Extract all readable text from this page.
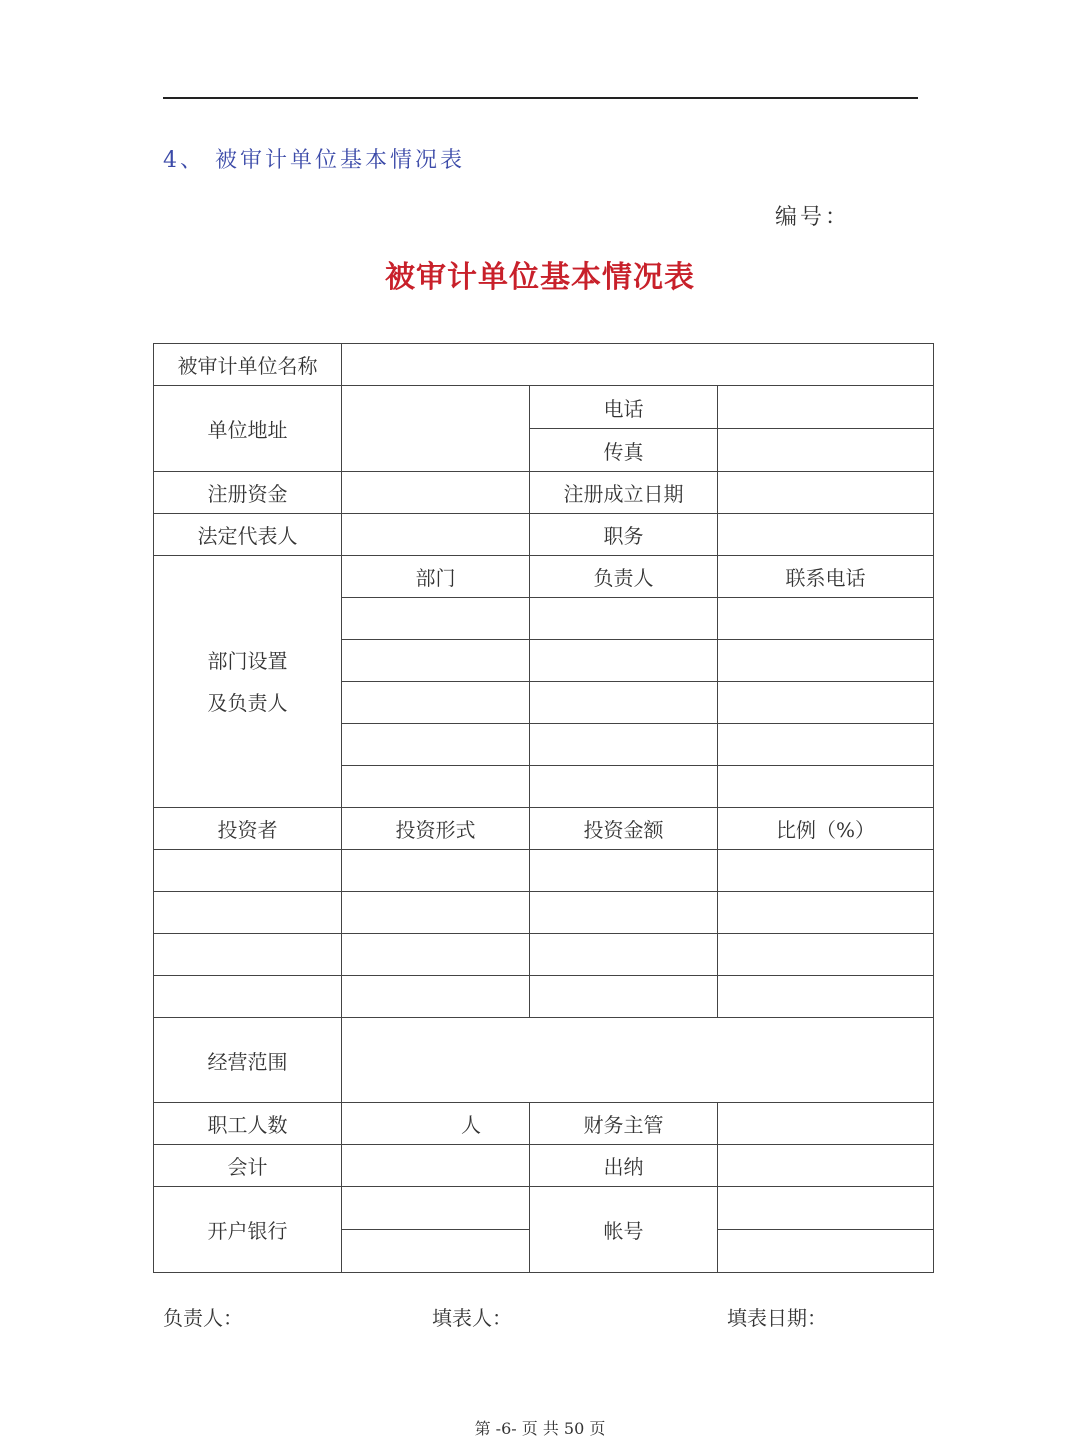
4、 被审计单位基本情况表
编号：
被审计单位基本情况表
被审计单位名称			
单位地址		电话	
		传真	
注册资金		注册成立日期	
法定代表人		职务	

部门设置
及负责人	部门	负责人	联系电话

投资者	投资形式	投资金额	比例（%）

经营范围			
职工人数	人	财务主管	
会计		出纳	
开户银行		帐号	

负责人：	填表人：	填表日期：
第 -6- 页 共 50 页
